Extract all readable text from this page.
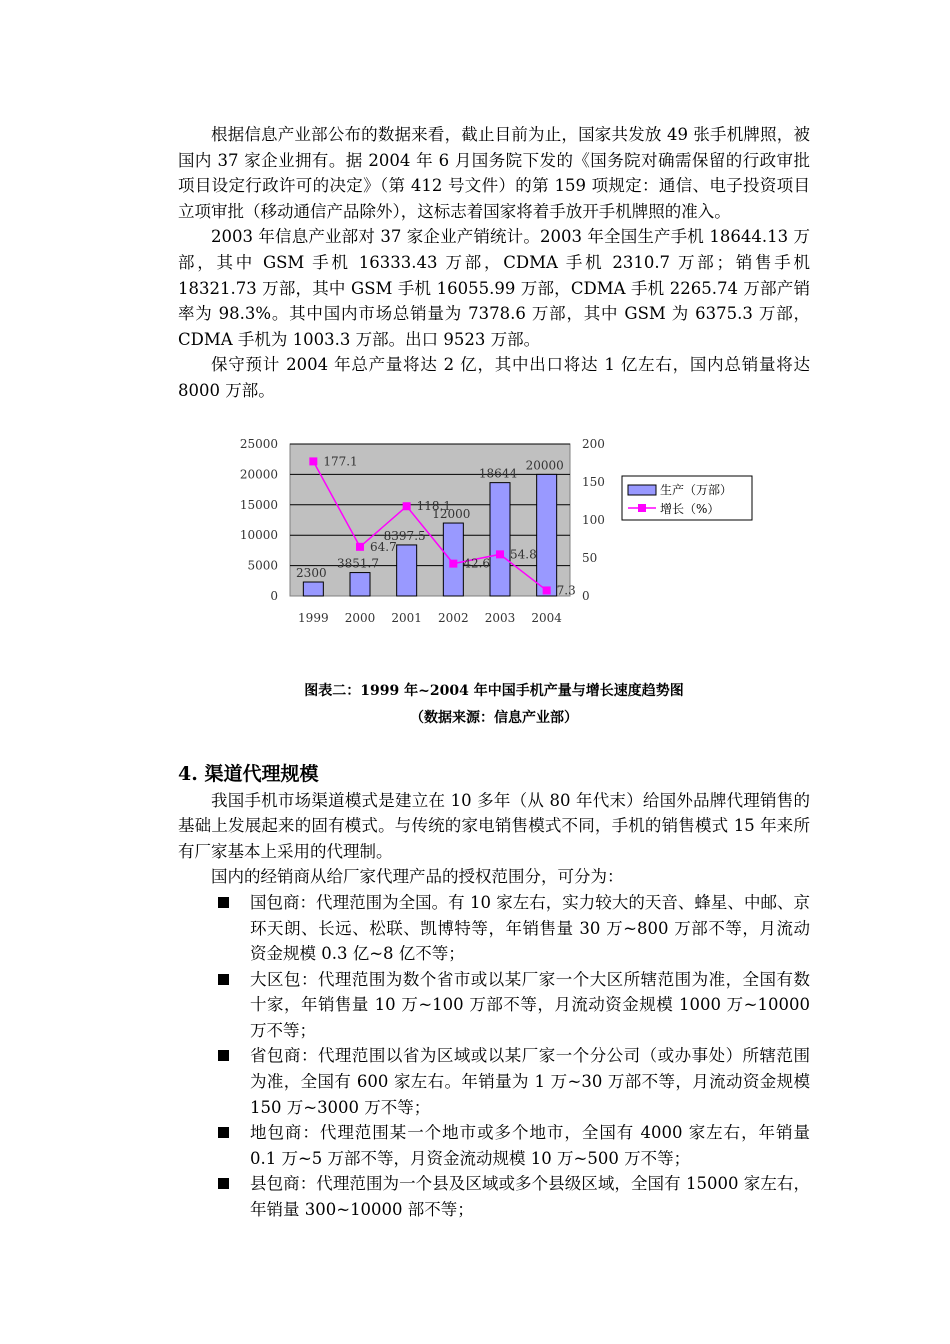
根据信息产业部公布的数据来看，截止目前为止，国家共发放 49 张手机牌照，被国内 37 家企业拥有。据 2004 年 6 月国务院下发的《国务院对确需保留的行政审批项目设定行政许可的决定》（第 412 号文件）的第 159 项规定：通信、电子投资项目立项审批（移动通信产品除外），这标志着国家将着手放开手机牌照的准入。

2003 年信息产业部对 37 家企业产销统计。2003 年全国生产手机 18644.13 万部，其中 GSM 手机 16333.43 万部，CDMA 手机 2310.7 万部；销售手机 18321.73 万部，其中 GSM 手机 16055.99 万部，CDMA 手机 2265.74 万部产销率为 98.3%。其中国内市场总销量为 7378.6 万部，其中 GSM 为 6375.3 万部，CDMA 手机为 1003.3 万部。出口 9523 万部。

保守预计 2004 年总产量将达 2 亿，其中出口将达 1 亿左右，国内总销量将达 8000 万部。

25000
20000
15000
10000
5000
0
200
150
100
50
0
2300
3851.7
8397.5
12000
18644
20000
177.1
64.7
118.1
42.6
54.8
7.3
1999 2000 2001 2002 2003 2004
生产（万部）
增长（%）

图表二：1999 年~2004 年中国手机产量与增长速度趋势图

（数据来源：信息产业部）

4. 渠道代理规模

我国手机市场渠道模式是建立在 10 多年（从 80 年代末）给国外品牌代理销售的基础上发展起来的固有模式。与传统的家电销售模式不同，手机的销售模式 15 年来所有厂家基本上采用的代理制。

国内的经销商从给厂家代理产品的授权范围分，可分为：

国包商：代理范围为全国。有 10 家左右，实力较大的天音、蜂星、中邮、京环天朗、长远、松联、凯博特等，年销售量 30 万~800 万部不等，月流动资金规模 0.3 亿~8 亿不等；
大区包：代理范围为数个省市或以某厂家一个大区所辖范围为准，全国有数十家，年销售量 10 万~100 万部不等，月流动资金规模 1000 万~10000 万不等；
省包商：代理范围以省为区域或以某厂家一个分公司（或办事处）所辖范围为准，全国有 600 家左右。年销量为 1 万~30 万部不等，月流动资金规模 150 万~3000 万不等；
地包商：代理范围某一个地市或多个地市，全国有 4000 家左右，年销量 0.1 万~5 万部不等，月资金流动规模 10 万~500 万不等；
县包商：代理范围为一个县及区域或多个县级区域，全国有 15000 家左右，年销量 300~10000 部不等；
